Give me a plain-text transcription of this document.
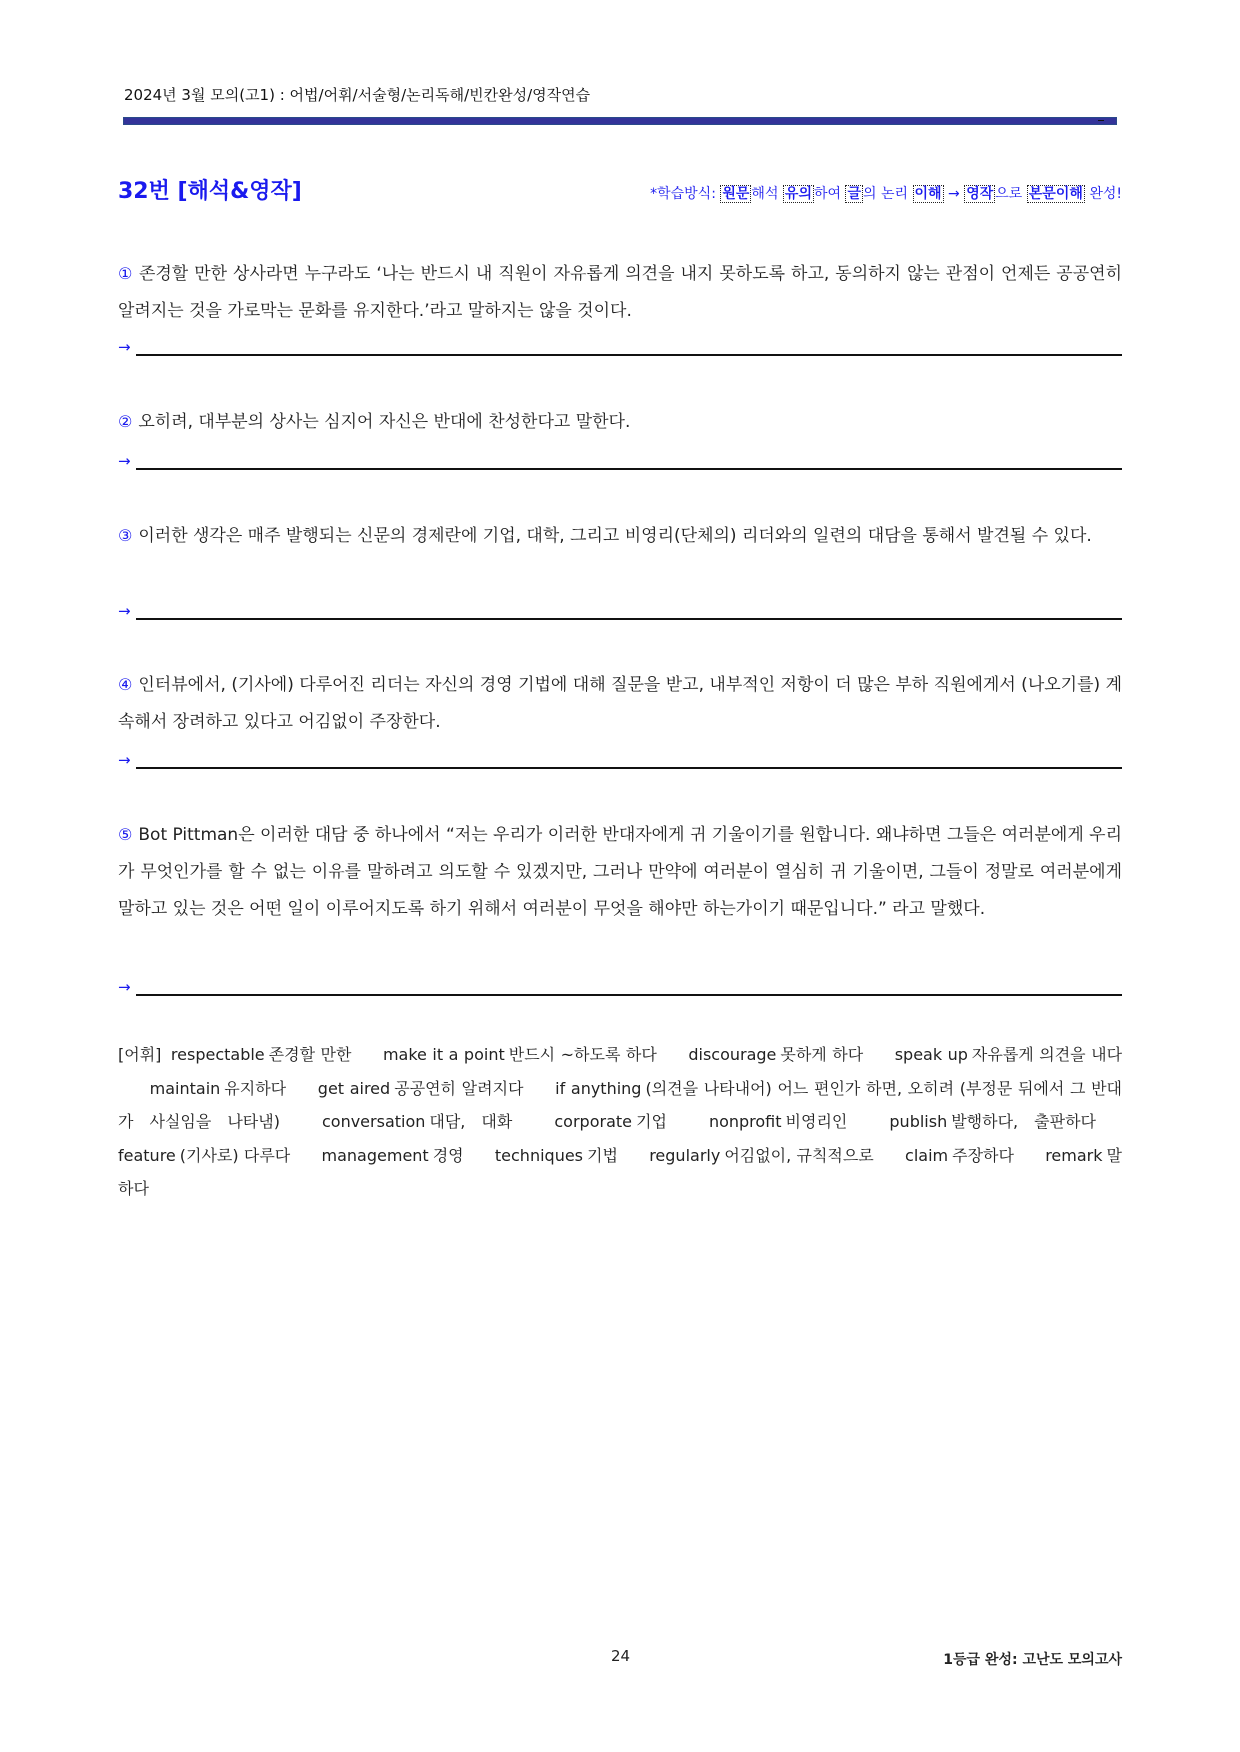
2024년 3월 모의(고1) : 어법/어휘/서술형/논리독해/빈칸완성/영작연습
32번 [해석&영작]	*학습방식: 원문 해석 유의 하여 글 의 논리 이해 → 영작 으로 본문이해 완성!
① 존경할 만한 상사라면 누구라도 ‘나는 반드시 내 직원이 자유롭게 의견을 내지 못하도록 하고, 동의하지 않는 관점이 언제든 공공연히 알려지는 것을 가로막는 문화를 유지한다.’라고 말하지는 않을 것이다.
→
② 오히려, 대부분의 상사는 심지어 자신은 반대에 찬성한다고 말한다.
→
③ 이러한 생각은 매주 발행되는 신문의 경제란에 기업, 대학, 그리고 비영리(단체의) 리더와의 일련의 대담을 통해서 발견될 수 있다.
→
④ 인터뷰에서, (기사에) 다루어진 리더는 자신의 경영 기법에 대해 질문을 받고, 내부적인 저항이 더 많은 부하 직원에게서 (나오기를) 계속해서 장려하고 있다고 어김없이 주장한다.
→
⑤ Bot Pittman은 이러한 대담 중 하나에서 “저는 우리가 이러한 반대자에게 귀 기울이기를 원합니다. 왜냐하면 그들은 여러분에게 우리가 무엇인가를 할 수 없는 이유를 말하려고 의도할 수 있겠지만, 그러나 만약에 여러분이 열심히 귀 기울이면, 그들이 정말로 여러분에게 말하고 있는 것은 어떤 일이 이루어지도록 하기 위해서 여러분이 무엇을 해야만 하는가이기 때문입니다.” 라고 말했다.
→
[어휘] respectable 존경할 만한 make it a point 반드시 ~하도록 하다 discourage 못하게 하다 speak up 자유롭게 의견을 내다 maintain 유지하다 get aired 공공연히 알려지다 if anything (의견을 나타내어) 어느 편인가 하면, 오히려 (부정문 뒤에서 그 반대가 사실임을 나타냄)	conversation 대담, 대화	corporate 기업	nonprofit 비영리인	publish 발행하다, 출판하다 feature (기사로) 다루다 management 경영 techniques 기법 regularly 어김없이, 규칙적으로 claim 주장하다 remark 말하다
24	1등급 완성: 고난도 모의고사
